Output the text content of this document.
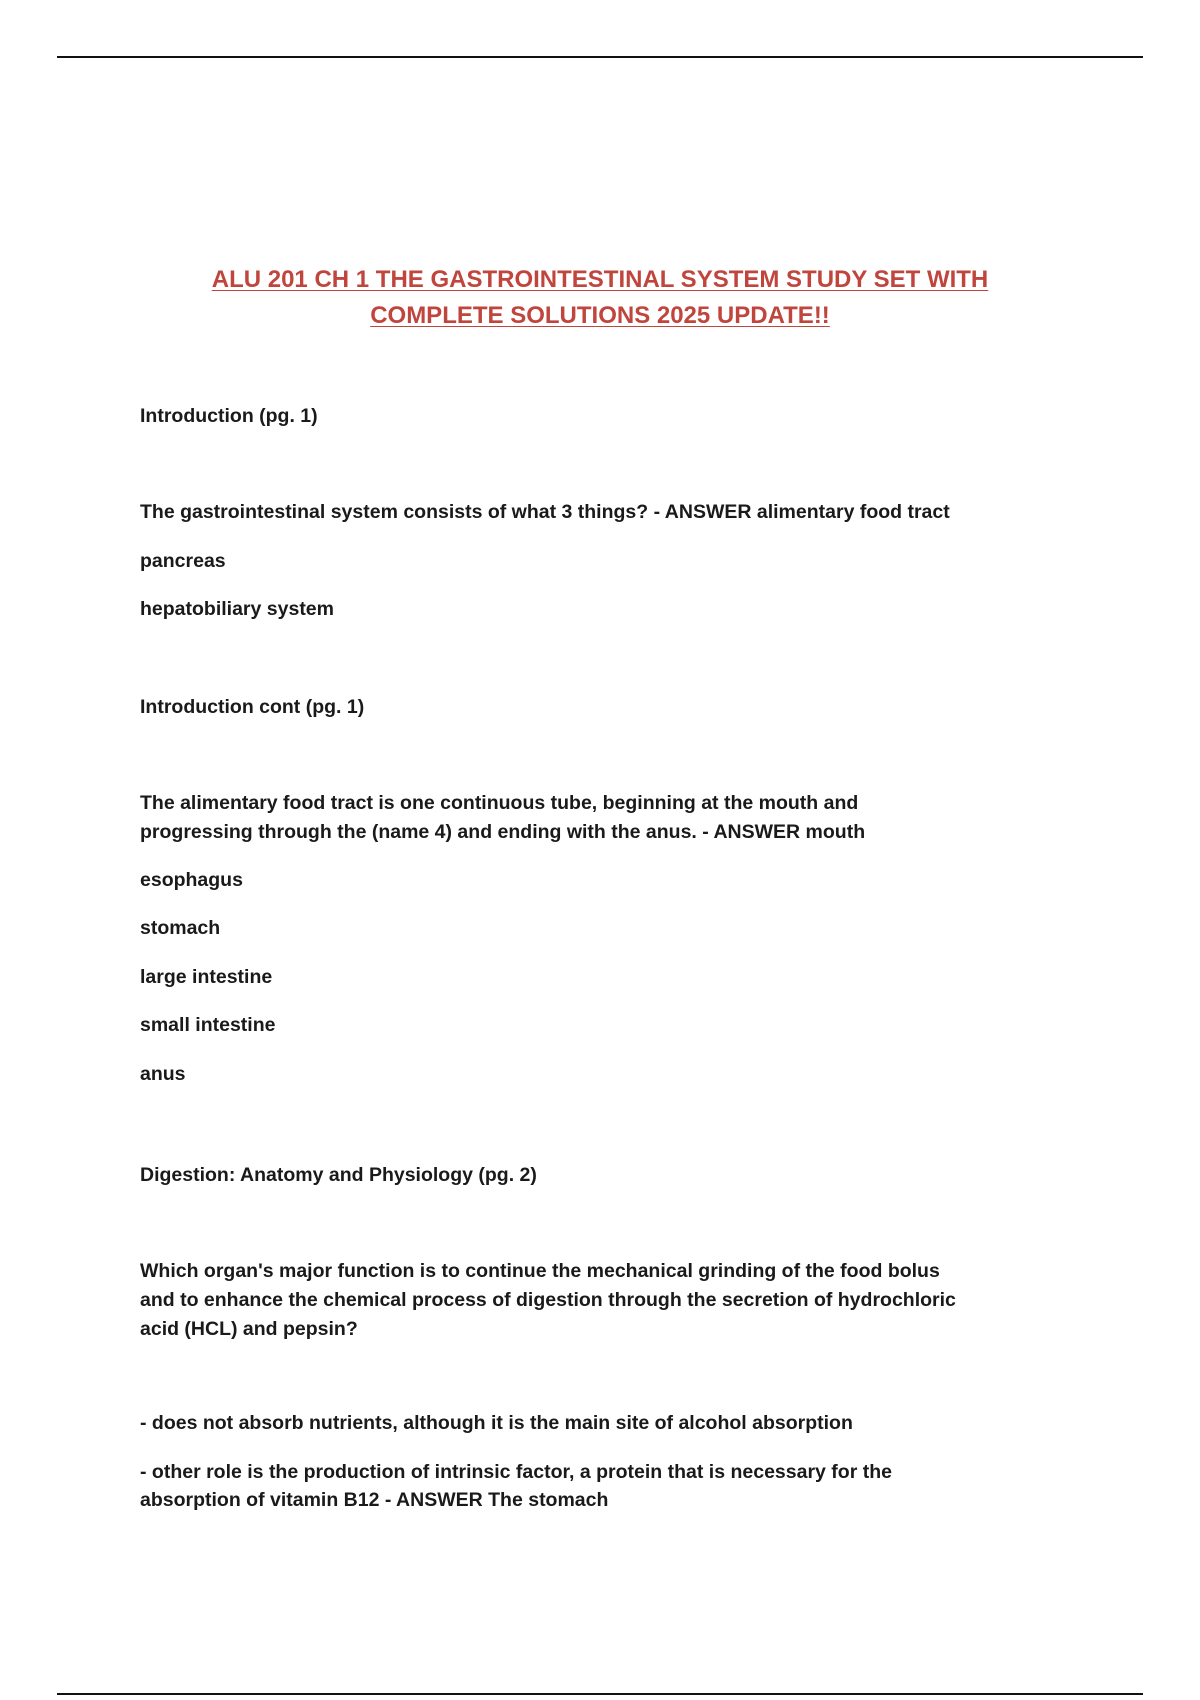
ALU 201 CH 1 THE GASTROINTESTINAL SYSTEM STUDY SET WITH
COMPLETE SOLUTIONS 2025 UPDATE!!
Introduction (pg. 1)
The gastrointestinal system consists of what 3 things? - ANSWER alimentary food tract
pancreas
hepatobiliary system
Introduction cont (pg. 1)
The alimentary food tract is one continuous tube, beginning at the mouth and
progressing through the (name 4) and ending with the anus. - ANSWER mouth
esophagus
stomach
large intestine
small intestine
anus
Digestion: Anatomy and Physiology (pg. 2)
Which organ's major function is to continue the mechanical grinding of the food bolus
and to enhance the chemical process of digestion through the secretion of hydrochloric
acid (HCL) and pepsin?
- does not absorb nutrients, although it is the main site of alcohol absorption
- other role is the production of intrinsic factor, a protein that is necessary for the
absorption of vitamin B12 - ANSWER The stomach
